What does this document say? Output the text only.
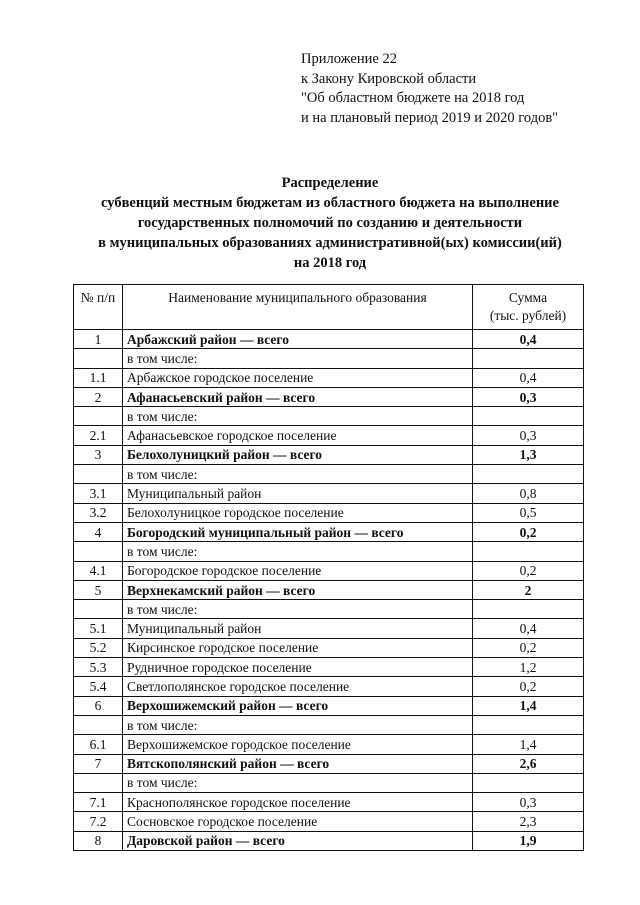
Приложение 22
к Закону Кировской области
"Об областном бюджете на 2018 год
и на плановый период 2019 и 2020 годов"
Распределение
субвенций местным бюджетам из областного бюджета на выполнение
государственных полномочий по созданию и деятельности
в муниципальных образованиях административной(ых) комиссии(ий)
на 2018 год
№ п/п	Наименование муниципального образования	Сумма
(тыс. рублей)

1	Арбажский район — всего	0,4
	в том числе:	
1.1	Арбажское городское поселение	0,4
2	Афанасьевский район — всего	0,3
	в том числе:	
2.1	Афанасьевское городское поселение	0,3
3	Белохолуницкий район — всего	1,3
	в том числе:	
3.1	Муниципальный район	0,8
3.2	Белохолуницкое городское поселение	0,5
4	Богородский муниципальный район — всего	0,2
	в том числе:	
4.1	Богородское городское поселение	0,2
5	Верхнекамский район — всего	2
	в том числе:	
5.1	Муниципальный район	0,4
5.2	Кирсинское городское поселение	0,2
5.3	Рудничное городское поселение	1,2
5.4	Светлополянское городское поселение	0,2
6	Верхошижемский район — всего	1,4
	в том числе:	
6.1	Верхошижемское городское поселение	1,4
7	Вятскополянский район — всего	2,6
	в том числе:	
7.1	Краснополянское городское поселение	0,3
7.2	Сосновское городское поселение	2,3
8	Даровской район — всего	1,9
